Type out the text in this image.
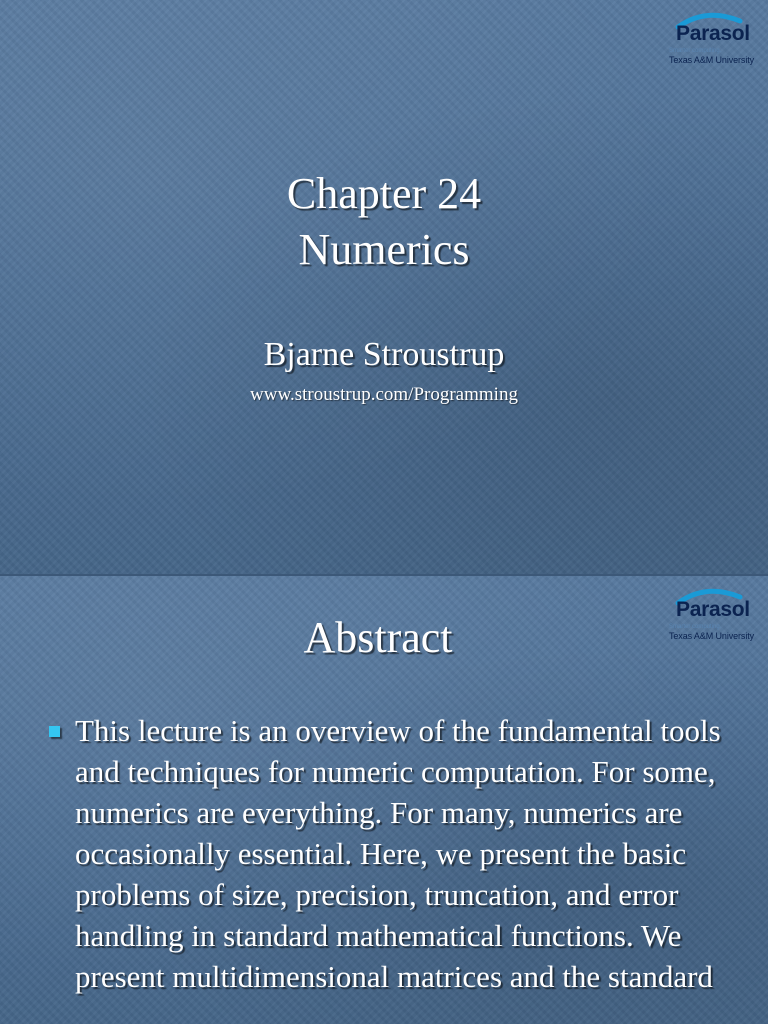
Parasol
Smarter computing.
Texas A&M University
Chapter 24
Numerics
Bjarne Stroustrup
www.stroustrup.com/Programming
Parasol
Smarter computing.
Texas A&M University
Abstract
This lecture is an overview of the fundamental tools and techniques for numeric computation. For some, numerics are everything. For many, numerics are occasionally essential. Here, we present the basic problems of size, precision, truncation, and error handling in standard mathematical functions. We present multidimensional matrices and the standard
